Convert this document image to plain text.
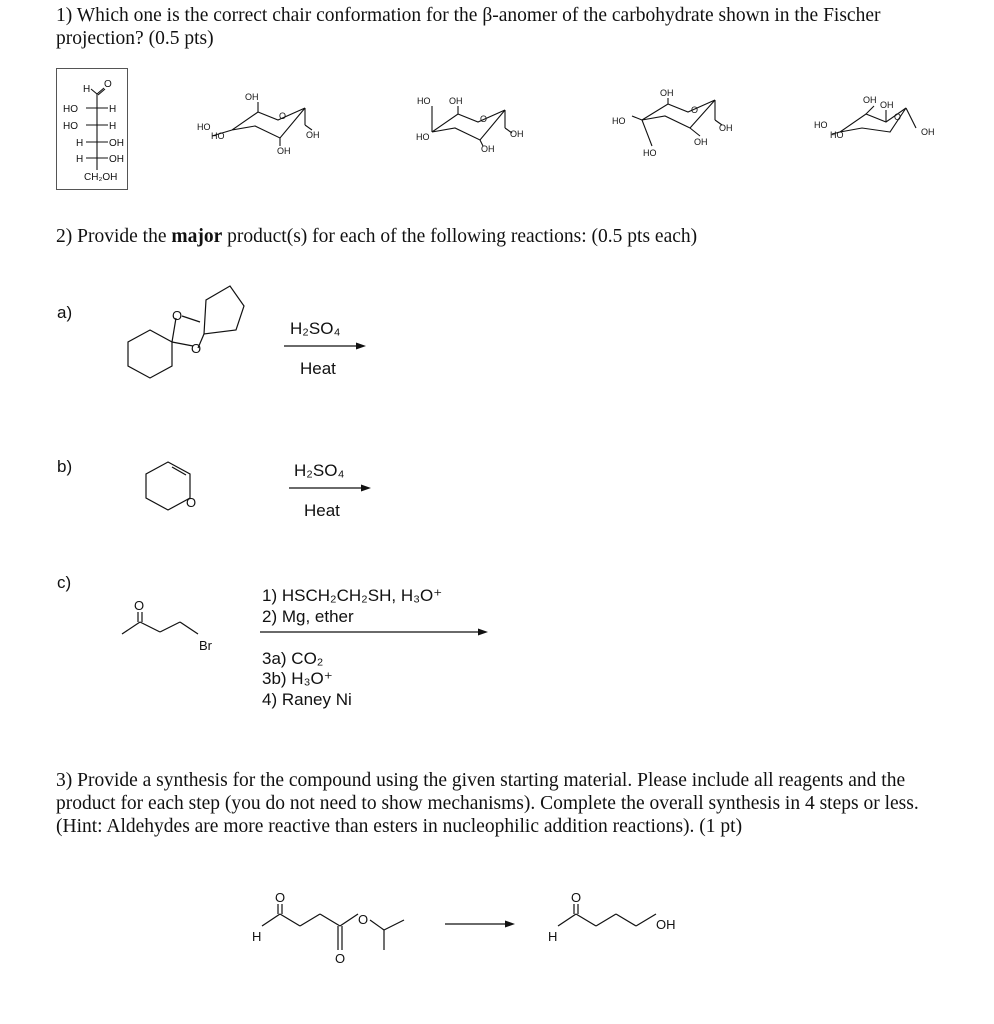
1) Which one is the correct chair conformation for the β-anomer of the carbohydrate shown in the Fischer projection? (0.5 pts)

H O
HO	H
HO	H
H	OH
H	OH
CH₂OH
OH
HO
HO
O
OH
OH
HO OH
HO
O
OH
OH
OH
HO
HO
O
OH
OH
OH OH
HO
HO
O
OH
O
O
O
O
Br
H
O
O
O
H
O
OH

2) Provide the major product(s) for each of the following reactions: (0.5 pts each)

a)
H₂SO₄
Heat
b)	H₂SO₄
Heat
c)
1) HSCH₂CH₂SH, H₃O⁺
2) Mg, ether
3a) CO₂
3b) H₃O⁺
4) Raney Ni

3) Provide a synthesis for the compound using the given starting material. Please include all reagents and the product for each step (you do not need to show mechanisms). Complete the overall synthesis in 4 steps or less. (Hint: Aldehydes are more reactive than esters in nucleophilic addition reactions). (1 pt)
